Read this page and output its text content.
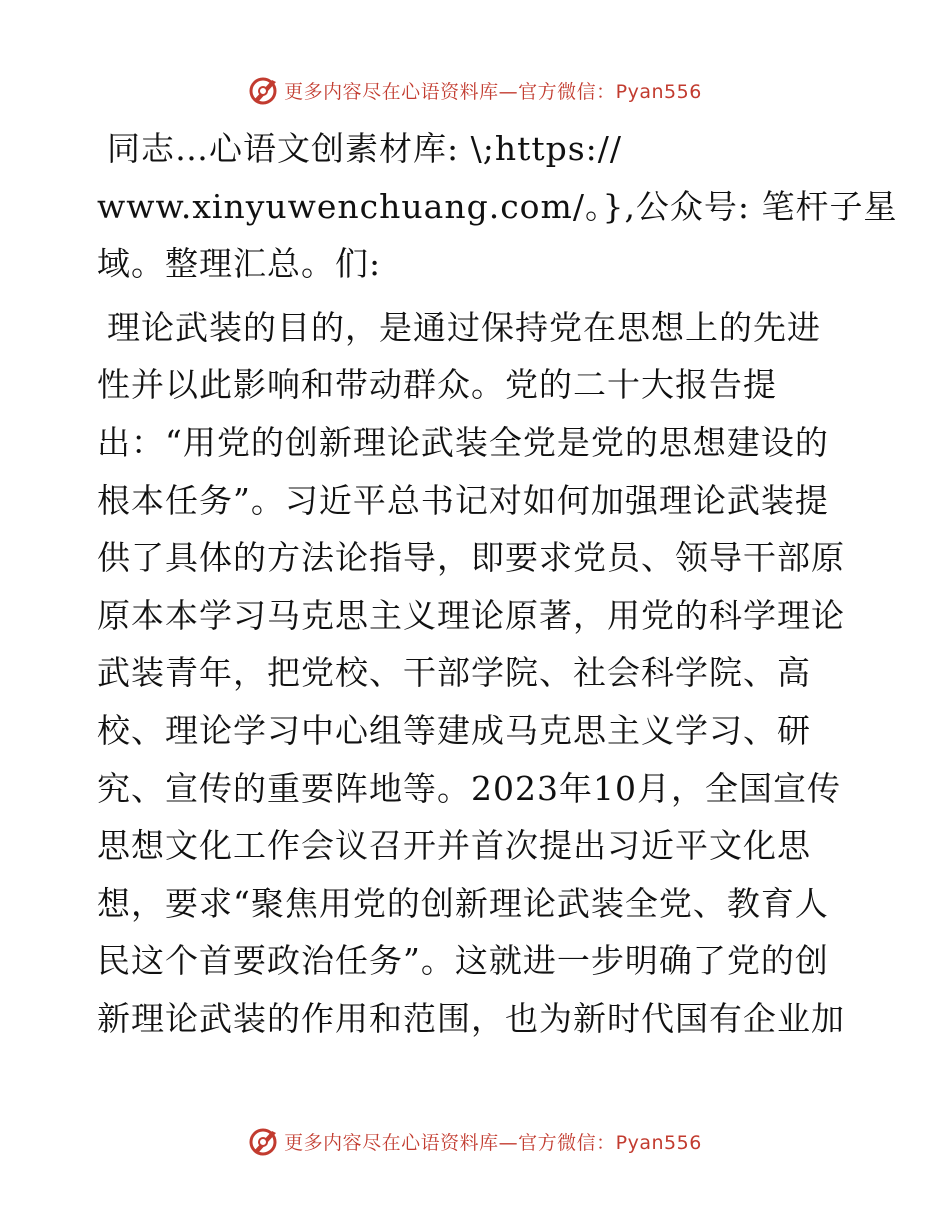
更多内容尽在心语资料库—官方微信：Pyan556
同志…心语文创素材库: \;https://
www.xinyuwenchuang.com/。},公众号: 笔杆子星
域。整理汇总。们:
理论武装的目的，是通过保持党在思想上的先进
性并以此影响和带动群众。党的二十大报告提
出：“用党的创新理论武装全党是党的思想建设的
根本任务”。习近平总书记对如何加强理论武装提
供了具体的方法论指导，即要求党员、领导干部原
原本本学习马克思主义理论原著，用党的科学理论
武装青年，把党校、干部学院、社会科学院、高
校、理论学习中心组等建成马克思主义学习、研
究、宣传的重要阵地等。2023年10月，全国宣传
思想文化工作会议召开并首次提出习近平文化思
想，要求“聚焦用党的创新理论武装全党、教育人
民这个首要政治任务”。这就进一步明确了党的创
新理论武装的作用和范围，也为新时代国有企业加
更多内容尽在心语资料库—官方微信：Pyan556
